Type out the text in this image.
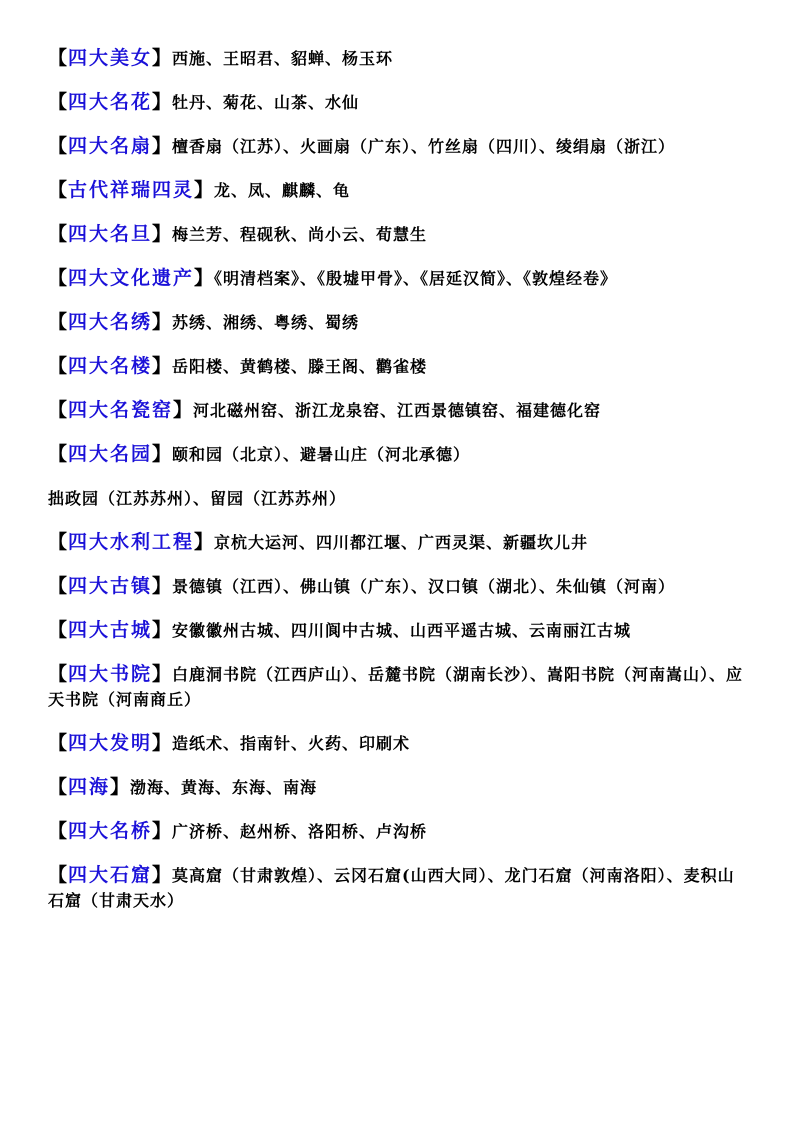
【四大美女】西施、王昭君、貂蝉、杨玉环

【四大名花】牡丹、菊花、山茶、水仙

【四大名扇】檀香扇（江苏）、火画扇（广东）、竹丝扇（四川）、绫绢扇（浙江）

【古代祥瑞四灵】龙、凤、麒麟、龟

【四大名旦】梅兰芳、程砚秋、尚小云、荀慧生

【四大文化遗产】《明清档案》、《殷墟甲骨》、《居延汉简》、《敦煌经卷》

【四大名绣】苏绣、湘绣、粤绣、蜀绣

【四大名楼】岳阳楼、黄鹤楼、滕王阁、鹳雀楼

【四大名瓷窑】河北磁州窑、浙江龙泉窑、江西景德镇窑、福建德化窑

【四大名园】颐和园（北京）、避暑山庄（河北承德）

拙政园（江苏苏州）、留园（江苏苏州）

【四大水利工程】京杭大运河、四川都江堰、广西灵渠、新疆坎儿井

【四大古镇】景德镇（江西）、佛山镇（广东）、汉口镇（湖北）、朱仙镇（河南）

【四大古城】安徽徽州古城、四川阆中古城、山西平遥古城、云南丽江古城

【四大书院】白鹿洞书院（江西庐山）、岳麓书院（湖南长沙）、嵩阳书院（河南嵩山）、应天书院（河南商丘）

【四大发明】造纸术、指南针、火药、印刷术

【四海】渤海、黄海、东海、南海

【四大名桥】广济桥、赵州桥、洛阳桥、卢沟桥

【四大石窟】莫高窟（甘肃敦煌）、云冈石窟(山西大同）、龙门石窟（河南洛阳）、麦积山石窟（甘肃天水）
